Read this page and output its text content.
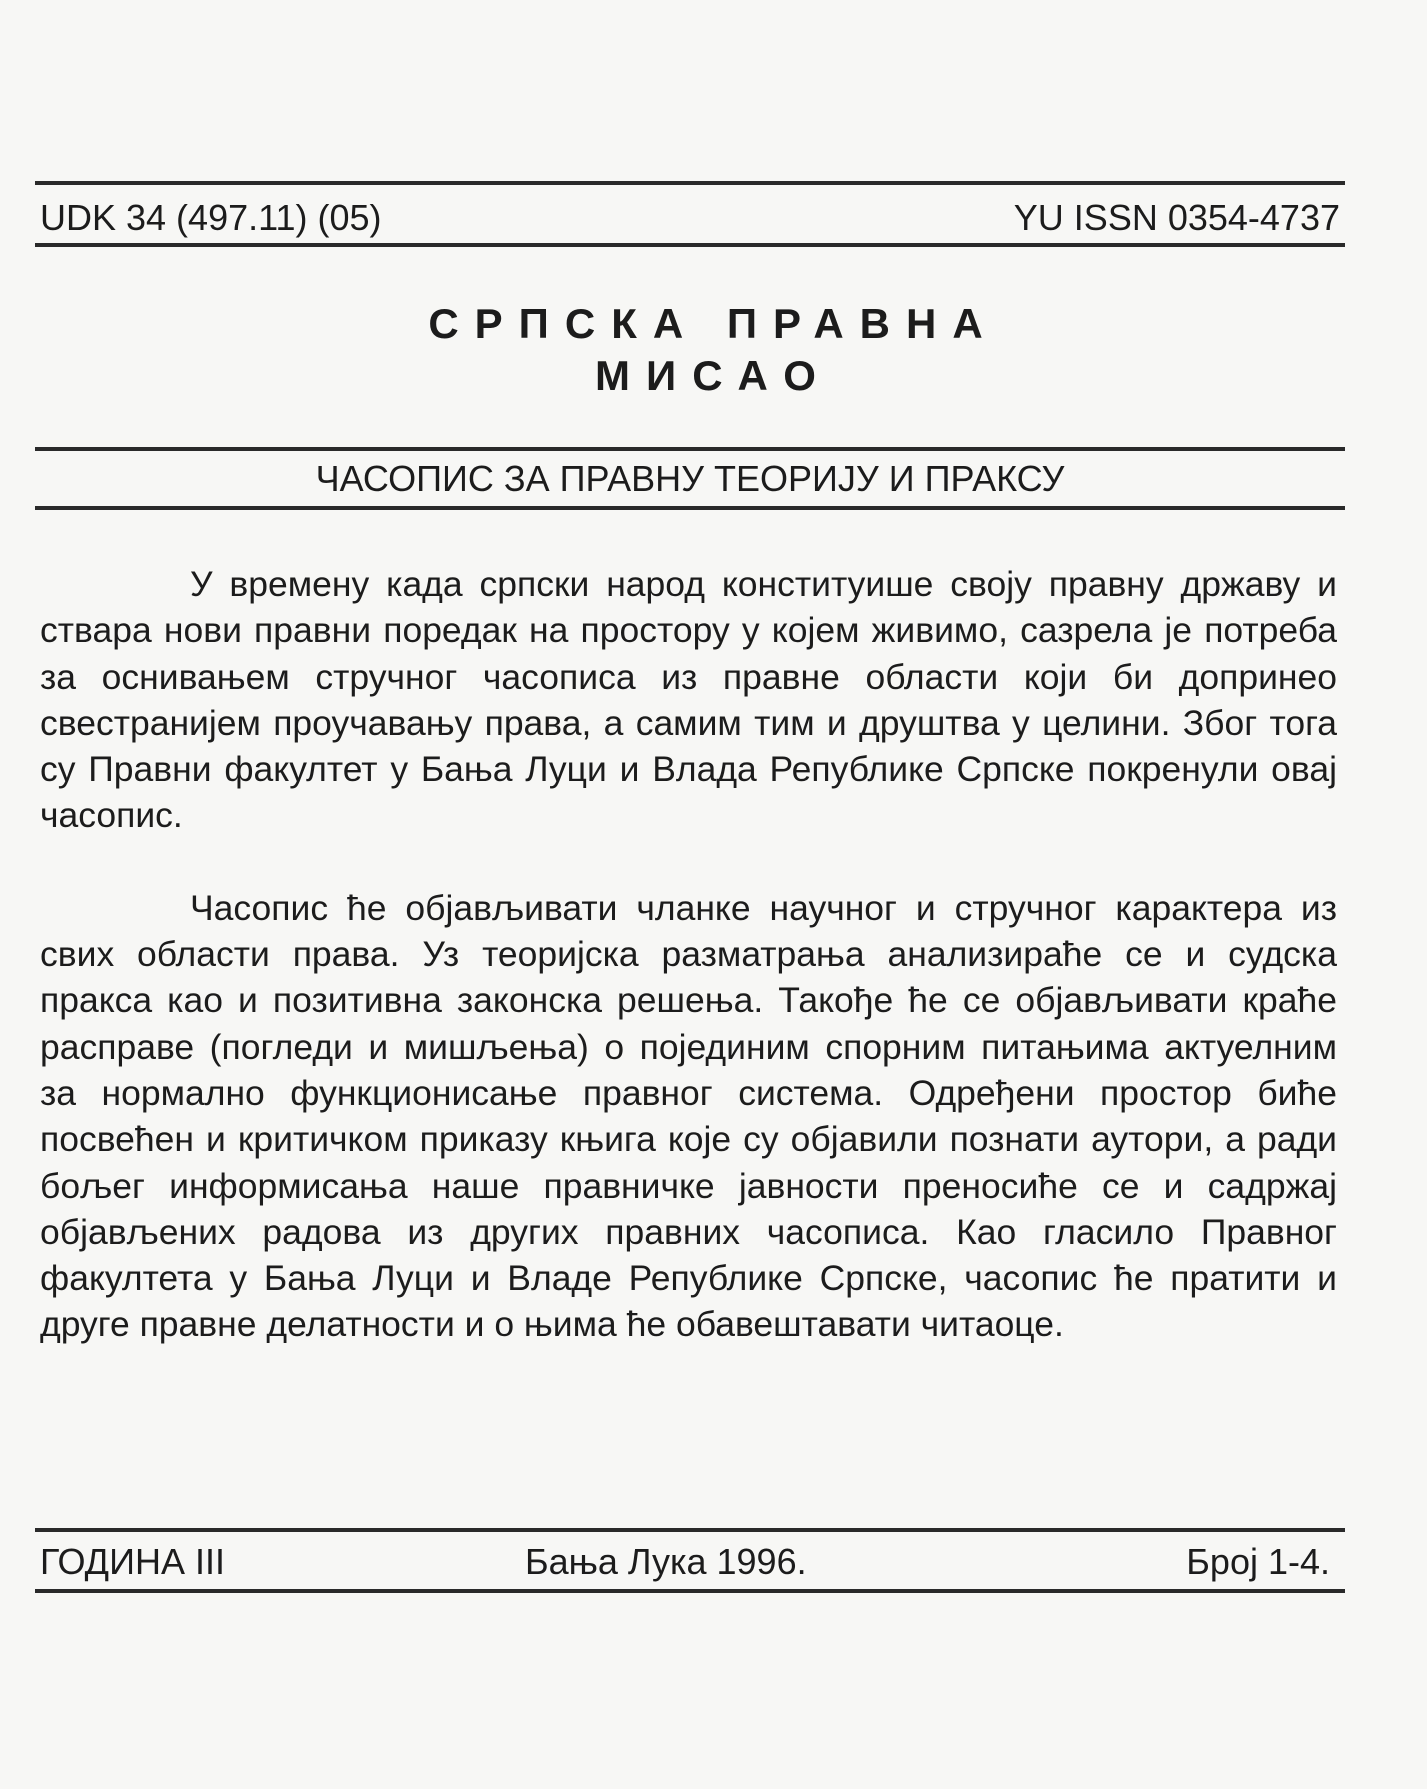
UDK 34 (497.11) (05)	YU ISSN 0354-4737
СРПСКА ПРАВНА
МИСАО
ЧАСОПИС ЗА ПРАВНУ ТЕОРИЈУ И ПРАКСУ

У времену када српски народ конституише своју правну државу и ствара нови правни поредак на простору у којем живимо, сазрела је потреба за оснивањем стручног часописа из правне области који би допринео свестранијем проучавању права, а самим тим и друштва у целини. Због тога су Правни факултет у Бања Луци и Влада Републике Српске покренули овај часопис.

Часопис ће објављивати чланке научног и стручног карактера из свих области права. Уз теоријска разматрања анализираће се и судска пракса као и позитивна законска решења. Такође ће се објављивати краће расправе (погледи и мишљења) о појединим спорним питањима актуелним за нормално функционисање правног система. Одређени простор биће посвећен и критичком приказу књига које су објавили познати аутори, а ради бољег информисања наше правничке јавности преносиће се и садржај објављених радова из других правних часописа. Као гласило Правног факултета у Бања Луци и Владе Републике Српске, часопис ће пратити и друге правне делатности и о њима ће обавештавати читаоце.

ГОДИНА III	Бања Лука 1996.	Број 1-4.
